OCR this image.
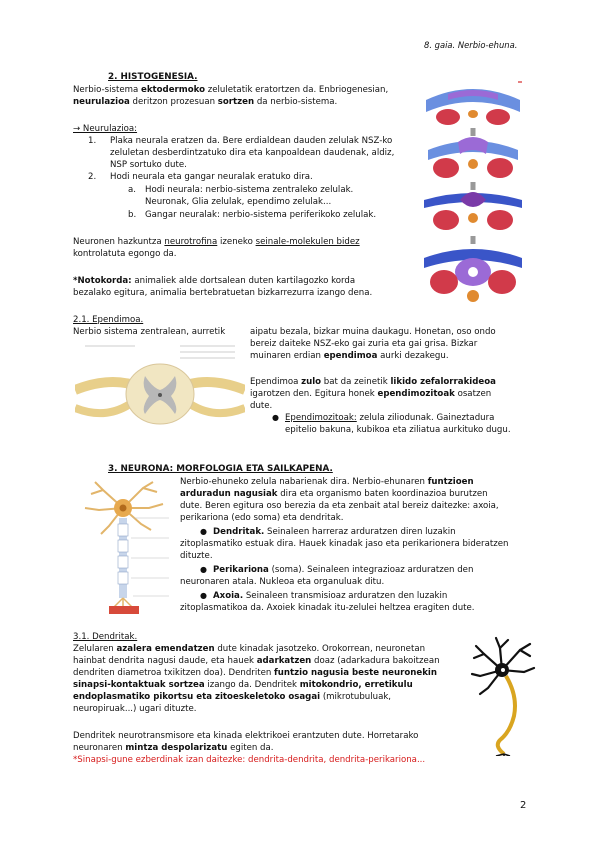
8. gaia. Nerbio-ehuna.
2. HISTOGENESIA.
Nerbio-sistema ektodermoko zeluletatik eratortzen da. Enbriogenesian,
neurulazioa deritzon prozesuan sortzen da nerbio-sistema.
→ Neurulazioa:
1. Plaka neurala eratzen da. Bere erdialdean dauden zelulak NSZ-ko
zeluletan desberdintzatuko dira eta kanpoaldean daudenak, aldiz,
NSP sortuko dute.
2. Hodi neurala eta gangar neuralak eratuko dira.
a. Hodi neurala: nerbio-sistema zentraleko zelulak.
Neuronak, Glia zelulak, ependimo zelulak...
b. Gangar neuralak: nerbio-sistema periferikoko zelulak.
Neuronen hazkuntza neurotrofina izeneko seinale-molekulen bidez
kontrolatuta egongo da.
*Notokorda: animaliek alde dortsalean duten kartilagozko korda
bezalako egitura, animalia bertebratuetan bizkarrezurra izango dena.
2.1. Ependimoa.
Nerbio sistema zentralean, aurretik	aipatu bezala, bizkar muina daukagu. Honetan, oso ondo
bereiz daiteke NSZ-eko gai zuria eta gai grisa. Bizkar
muinaren erdian ependimoa aurki dezakegu.
Ependimoa zulo bat da zeinetik likido zefalorrakideoa
igarotzen den. Egitura honek ependimozitoak osatzen
dute.
● Ependimozitoak: zelula ziliodunak. Gaineztadura
epitelio bakuna, kubikoa eta ziliatua aurkituko dugu.
3. NEURONA: MORFOLOGIA ETA SAILKAPENA.
Nerbio-ehuneko zelula nabarienak dira. Nerbio-ehunaren funtzioen
arduradun nagusiak dira eta organismo baten koordinazioa burutzen
dute. Beren egitura oso berezia da eta zenbait atal bereiz daitezke: axoia,
perikariona (edo soma) eta dendritak.
● Dendritak. Seinaleen harreraz arduratzen diren luzakin
zitoplasmatiko estuak dira. Hauek kinadak jaso eta perikarionera bideratzen
dituzte.
● Perikariona (soma). Seinaleen integrazioaz arduratzen den
neuronaren atala. Nukleoa eta organuluak ditu.
● Axoia. Seinaleen transmisioaz arduratzen den luzakin
zitoplasmatikoa da. Axoiek kinadak itu-zelulei heltzea eragiten dute.
3.1. Dendritak.
Zelularen azalera emendatzen dute kinadak jasotzeko. Orokorrean, neuronetan
hainbat dendrita nagusi daude, eta hauek adarkatzen doaz (adarkadura bakoitzean
dendriten diametroa txikitzen doa). Dendriten funtzio nagusia beste neuronekin
sinapsi-kontaktuak sortzea izango da. Dendritek mitokondrio, erretikulu
endoplasmatiko pikortsu eta zitoeskeletoko osagai (mikrotubuluak,
neuropiruak...) ugari dituzte.
Dendritek neurotransmisore eta kinada elektrikoei erantzuten dute. Horretarako
neuronaren mintza despolarizatu egiten da.
*Sinapsi-gune ezberdinak izan daitezke: dendrita-dendrita, dendrita-perikariona...
2
